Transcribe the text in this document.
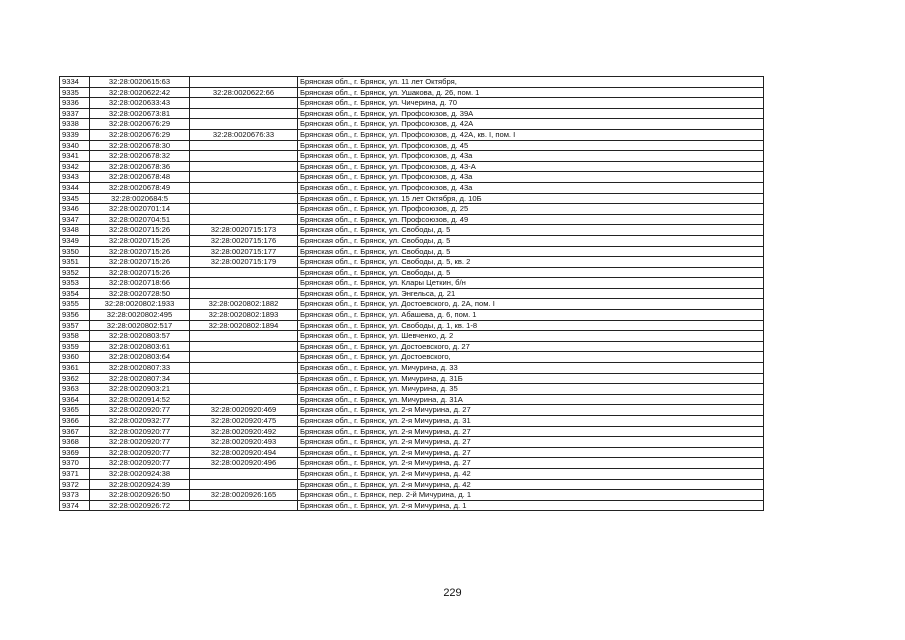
9334	32:28:0020615:63		Брянская обл., г. Брянск, ул. 11 лет Октября,
9335	32:28:0020622:42	32:28:0020622:66	Брянская обл., г. Брянск, ул. Ушакова, д. 26, пом. 1
9336	32:28:0020633:43		Брянская обл., г. Брянск, ул. Чичерина, д. 70
9337	32:28:0020673:81		Брянская обл., г. Брянск, ул. Профсоюзов, д. 39А
9338	32:28:0020676:29		Брянская обл., г. Брянск, ул. Профсоюзов, д. 42А
9339	32:28:0020676:29	32:28:0020676:33	Брянская обл., г. Брянск, ул. Профсоюзов, д. 42А, кв. I, пом. I
9340	32:28:0020678:30		Брянская обл., г. Брянск, ул. Профсоюзов, д. 45
9341	32:28:0020678:32		Брянская обл., г. Брянск, ул. Профсоюзов, д. 43а
9342	32:28:0020678:36		Брянская обл., г. Брянск, ул. Профсоюзов, д. 43-А
9343	32:28:0020678:48		Брянская обл., г. Брянск, ул. Профсоюзов, д. 43а
9344	32:28:0020678:49		Брянская обл., г. Брянск, ул. Профсоюзов, д. 43а
9345	32:28:0020684:5		Брянская обл., г. Брянск, ул. 15 лет Октября, д. 10Б
9346	32:28:0020701:14		Брянская обл., г. Брянск, ул. Профсоюзов, д. 25
9347	32:28:0020704:51		Брянская обл., г. Брянск, ул. Профсоюзов, д. 49
9348	32:28:0020715:26	32:28:0020715:173	Брянская обл., г. Брянск, ул. Свободы, д. 5
9349	32:28:0020715:26	32:28:0020715:176	Брянская обл., г. Брянск, ул. Свободы, д. 5
9350	32:28:0020715:26	32:28:0020715:177	Брянская обл., г. Брянск, ул. Свободы, д. 5
9351	32:28:0020715:26	32:28:0020715:179	Брянская обл., г. Брянск, ул. Свободы, д. 5, кв. 2
9352	32:28:0020715:26		Брянская обл., г. Брянск, ул. Свободы, д. 5
9353	32:28:0020718:66		Брянская обл., г. Брянск, ул. Клары Цеткин, б/н
9354	32:28:0020728:50		Брянская обл., г. Брянск, ул. Энгельса, д. 21
9355	32:28:0020802:1933	32:28:0020802:1882	Брянская обл., г. Брянск, ул. Достоевского, д. 2А, пом. I
9356	32:28:0020802:495	32:28:0020802:1893	Брянская обл., г. Брянск, ул. Абашева, д. 6, пом. 1
9357	32:28:0020802:517	32:28:0020802:1894	Брянская обл., г. Брянск, ул. Свободы, д. 1, кв. 1-8
9358	32:28:0020803:57		Брянская обл., г. Брянск, ул. Шевченко, д. 2
9359	32:28:0020803:61		Брянская обл., г. Брянск, ул. Достоевского, д. 27
9360	32:28:0020803:64		Брянская обл., г. Брянск, ул. Достоевского,
9361	32:28:0020807:33		Брянская обл., г. Брянск, ул. Мичурина, д. 33
9362	32:28:0020807:34		Брянская обл., г. Брянск, ул. Мичурина, д. 31Б
9363	32:28:0020903:21		Брянская обл., г. Брянск, ул. Мичурина, д. 35
9364	32:28:0020914:52		Брянская обл., г. Брянск, ул. Мичурина, д. 31А
9365	32:28:0020920:77	32:28:0020920:469	Брянская обл., г. Брянск, ул. 2-я Мичурина, д. 27
9366	32:28:0020932:77	32:28:0020920:475	Брянская обл., г. Брянск, ул. 2-я Мичурина, д. 31
9367	32:28:0020920:77	32:28:0020920:492	Брянская обл., г. Брянск, ул. 2-я Мичурина, д. 27
9368	32:28:0020920:77	32:28:0020920:493	Брянская обл., г. Брянск, ул. 2-я Мичурина, д. 27
9369	32:28:0020920:77	32:28:0020920:494	Брянская обл., г. Брянск, ул. 2-я Мичурина, д. 27
9370	32:28:0020920:77	32:28:0020920:496	Брянская обл., г. Брянск, ул. 2-я Мичурина, д. 27
9371	32:28:0020924:38		Брянская обл., г. Брянск, ул. 2-я Мичурина, д. 42
9372	32:28:0020924:39		Брянская обл., г. Брянск, ул. 2-я Мичурина, д. 42
9373	32:28:0020926:50	32:28:0020926:165	Брянская обл., г. Брянск, пер. 2-й Мичурина, д. 1
9374	32:28:0020926:72		Брянская обл., г. Брянск, ул. 2-я Мичурина, д. 1
229
